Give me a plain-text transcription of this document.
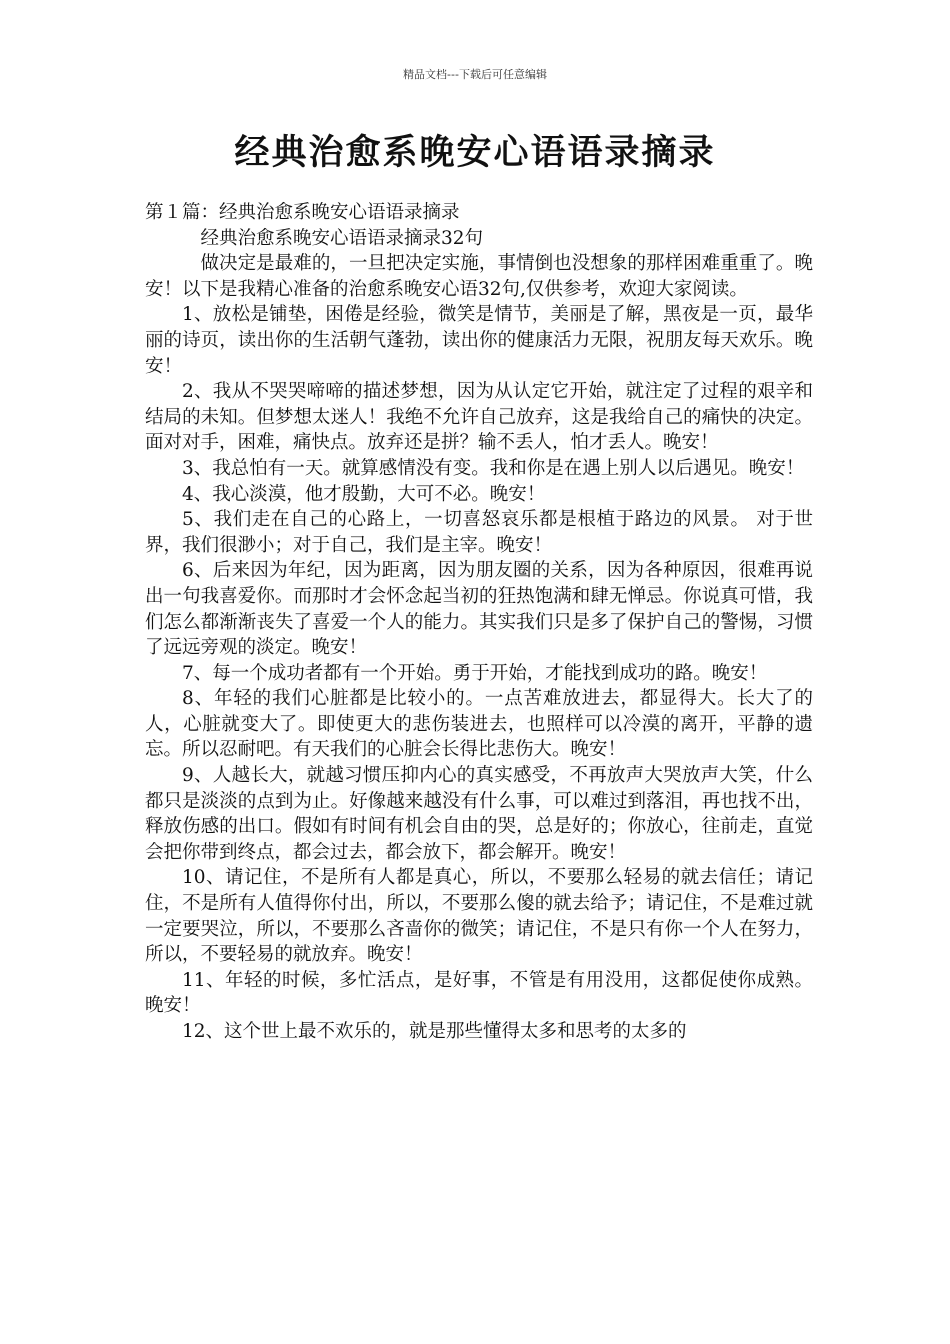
精品文档---下载后可任意编辑
经典治愈系晚安心语语录摘录

第１篇：经典治愈系晚安心语语录摘录

经典治愈系晚安心语语录摘录32句

做决定是最难的，一旦把决定实施，事情倒也没想象的那样困难重重了。晚安！以下是我精心准备的治愈系晚安心语32句,仅供参考，欢迎大家阅读。

1、放松是铺垫，困倦是经验，微笑是情节，美丽是了解，黑夜是一页，最华丽的诗页，读出你的生活朝气蓬勃，读出你的健康活力无限，祝朋友每天欢乐。晚安！

2、我从不哭哭啼啼的描述梦想，因为从认定它开始，就注定了过程的艰辛和结局的未知。但梦想太迷人！我绝不允许自己放弃，这是我给自己的痛快的决定。面对对手，困难，痛快点。放弃还是拼？输不丢人，怕才丢人。晚安！

3、我总怕有一天。就算感情没有变。我和你是在遇上别人以后遇见。晚安！

4、我心淡漠，他才殷勤，大可不必。晚安！

5、我们走在自己的心路上，一切喜怒哀乐都是根植于路边的风景。 对于世界，我们很渺小；对于自己，我们是主宰。晚安！

6、后来因为年纪，因为距离，因为朋友圈的关系，因为各种原因，很难再说出一句我喜爱你。而那时才会怀念起当初的狂热饱满和肆无惮忌。你说真可惜，我们怎么都渐渐丧失了喜爱一个人的能力。其实我们只是多了保护自己的警惕，习惯了远远旁观的淡定。晚安！

7、每一个成功者都有一个开始。勇于开始，才能找到成功的路。晚安！

8、年轻的我们心脏都是比较小的。一点苦难放进去，都显得大。长大了的人，心脏就变大了。即使更大的悲伤装进去，也照样可以冷漠的离开，平静的遗忘。所以忍耐吧。有天我们的心脏会长得比悲伤大。晚安！

9、人越长大，就越习惯压抑内心的真实感受，不再放声大哭放声大笑，什么都只是淡淡的点到为止。好像越来越没有什么事，可以难过到落泪，再也找不出，释放伤感的出口。假如有时间有机会自由的哭，总是好的；你放心，往前走，直觉会把你带到终点，都会过去，都会放下，都会解开。晚安！

10、请记住，不是所有人都是真心，所以，不要那么轻易的就去信任；请记住，不是所有人值得你付出，所以，不要那么傻的就去给予；请记住，不是难过就一定要哭泣，所以，不要那么吝啬你的微笑；请记住，不是只有你一个人在努力，所以，不要轻易的就放弃。晚安！

11、年轻的时候，多忙活点，是好事，不管是有用没用，这都促使你成熟。晚安！

12、这个世上最不欢乐的，就是那些懂得太多和思考的太多的
